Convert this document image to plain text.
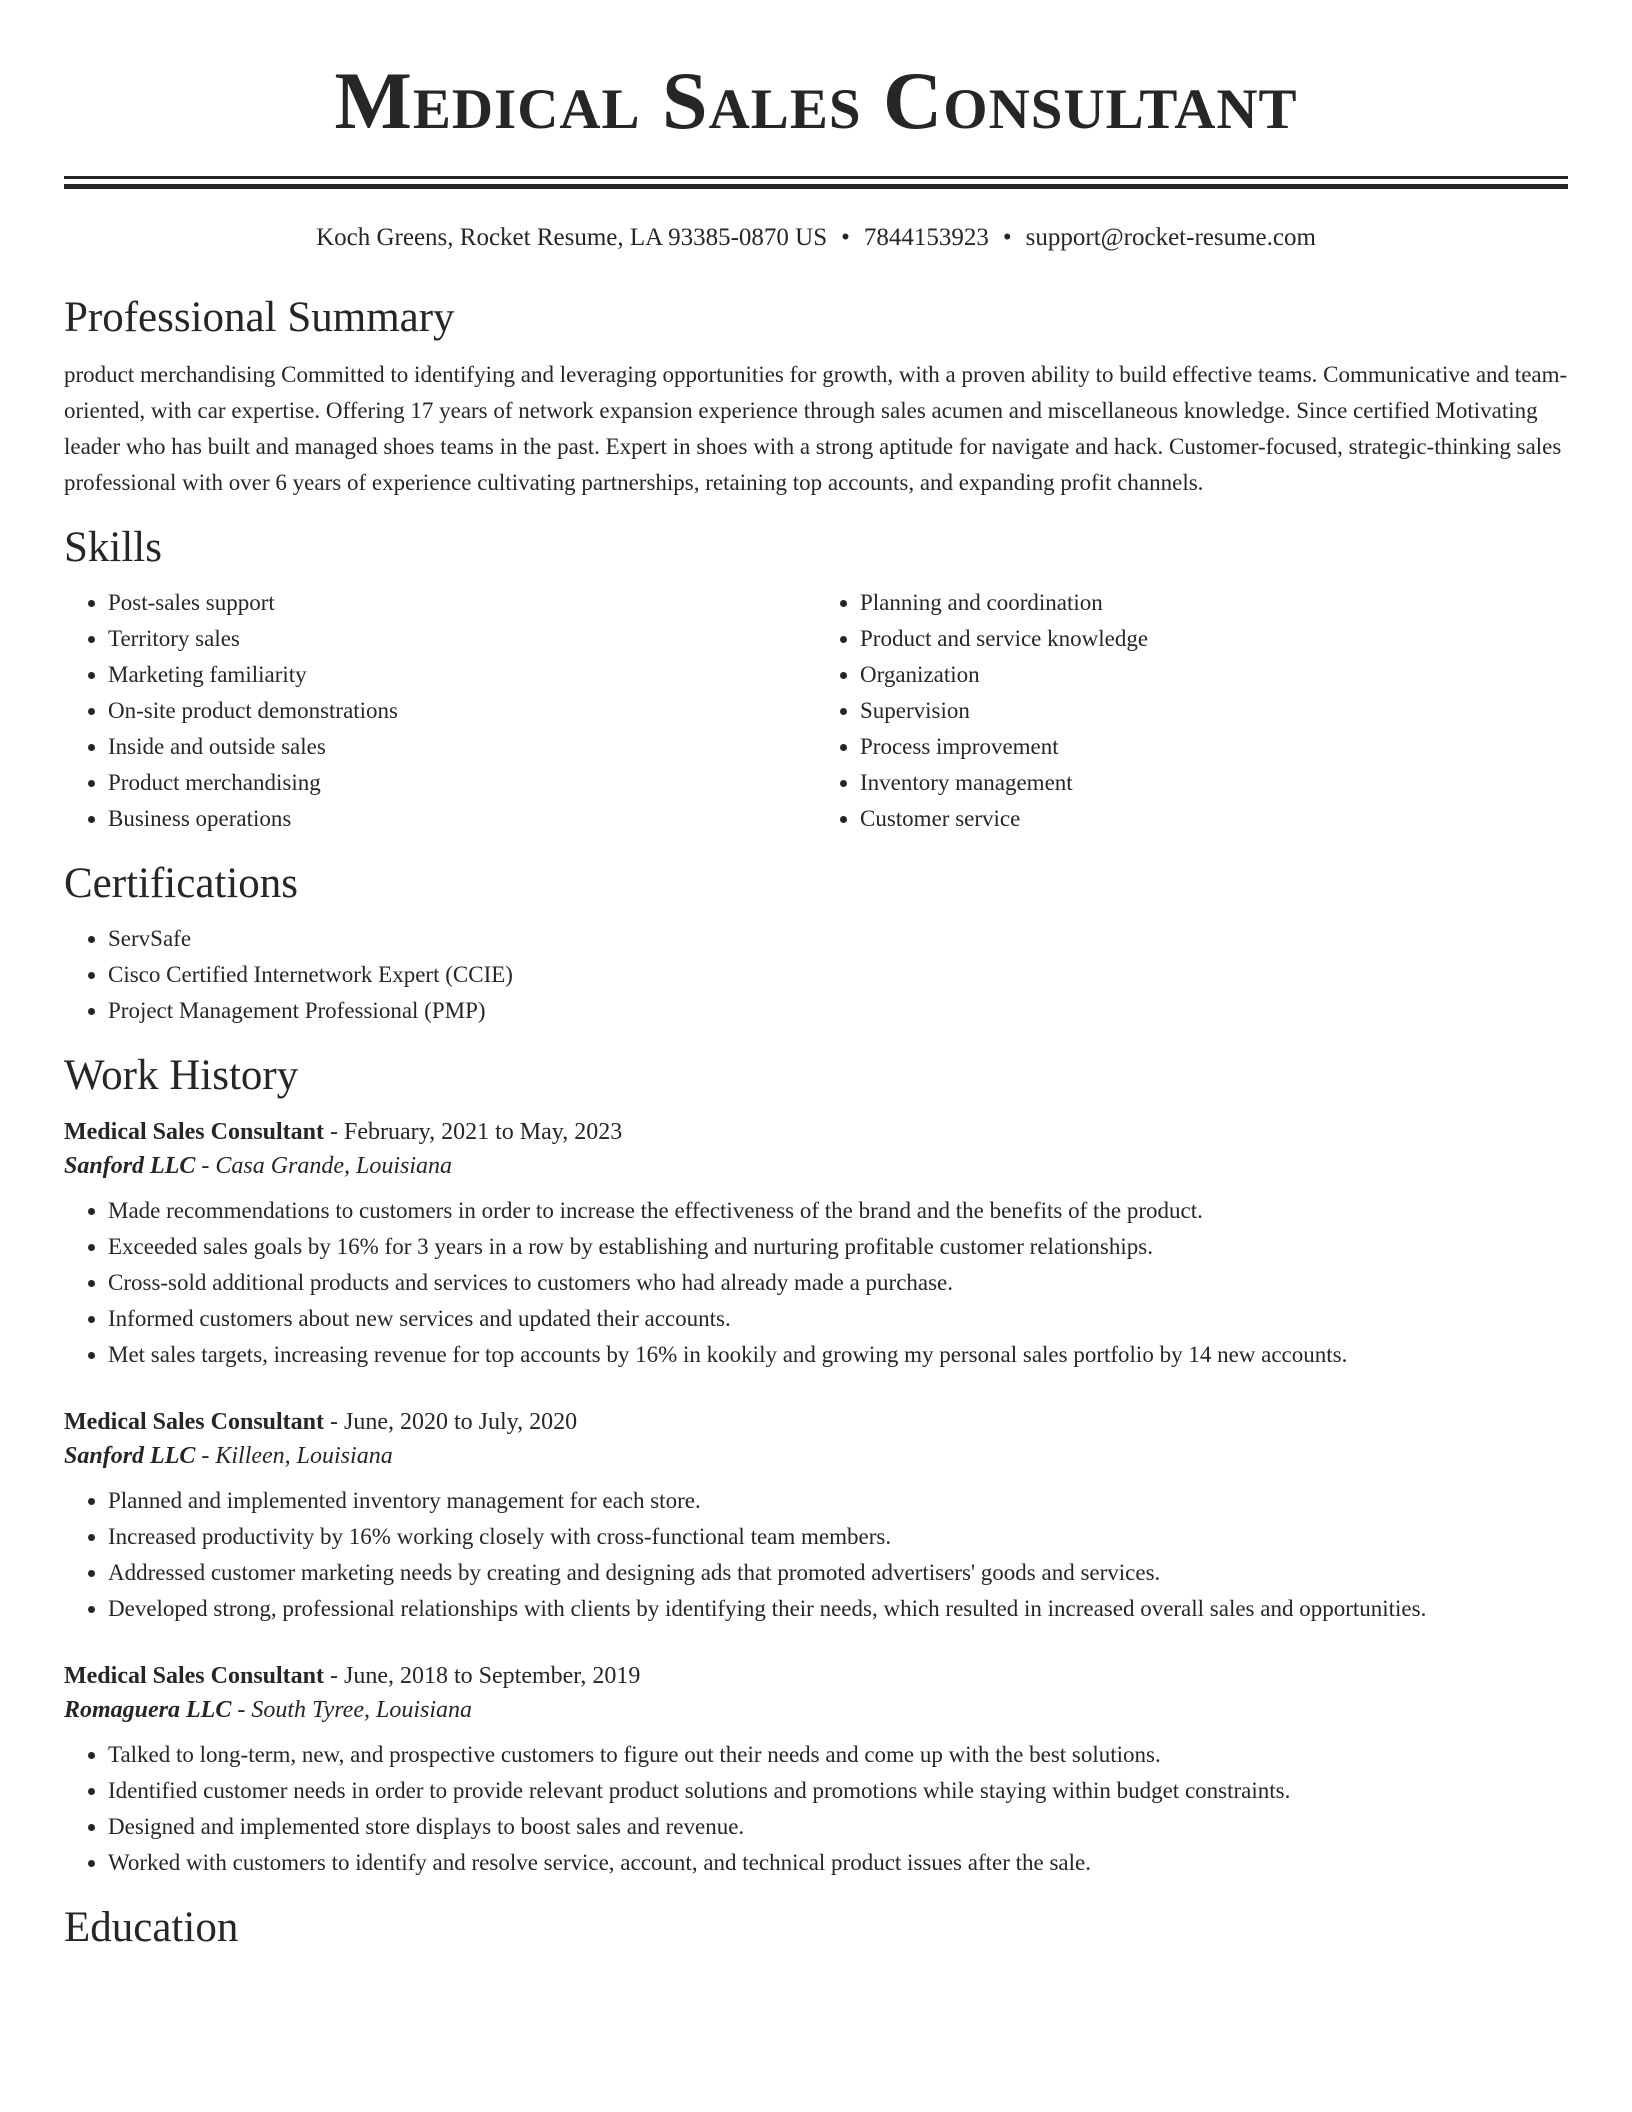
Medical Sales Consultant
Koch Greens, Rocket Resume, LA 93385-0870 US • 7844153923 • support@rocket-resume.com
Professional Summary

product merchandising Committed to identifying and leveraging opportunities for growth, with a proven ability to build effective teams. Communicative and team-oriented, with car expertise. Offering 17 years of network expansion experience through sales acumen and miscellaneous knowledge. Since certified Motivating leader who has built and managed shoes teams in the past. Expert in shoes with a strong aptitude for navigate and hack. Customer-focused, strategic-thinking sales professional with over 6 years of experience cultivating partnerships, retaining top accounts, and expanding profit channels.

Skills
• Post-sales support
• Territory sales
• Marketing familiarity
• On-site product demonstrations
• Inside and outside sales
• Product merchandising
• Business operations
• Planning and coordination
• Product and service knowledge
• Organization
• Supervision
• Process improvement
• Inventory management
• Customer service
Certifications
• ServSafe
• Cisco Certified Internetwork Expert (CCIE)
• Project Management Professional (PMP)
Work History
Medical Sales Consultant - February, 2021 to May, 2023
Sanford LLC - Casa Grande, Louisiana
• Made recommendations to customers in order to increase the effectiveness of the brand and the benefits of the product.
• Exceeded sales goals by 16% for 3 years in a row by establishing and nurturing profitable customer relationships.
• Cross-sold additional products and services to customers who had already made a purchase.
• Informed customers about new services and updated their accounts.
• Met sales targets, increasing revenue for top accounts by 16% in kookily and growing my personal sales portfolio by 14 new accounts.
Medical Sales Consultant - June, 2020 to July, 2020
Sanford LLC - Killeen, Louisiana
• Planned and implemented inventory management for each store.
• Increased productivity by 16% working closely with cross-functional team members.
• Addressed customer marketing needs by creating and designing ads that promoted advertisers' goods and services.
• Developed strong, professional relationships with clients by identifying their needs, which resulted in increased overall sales and opportunities.
Medical Sales Consultant - June, 2018 to September, 2019
Romaguera LLC - South Tyree, Louisiana
• Talked to long-term, new, and prospective customers to figure out their needs and come up with the best solutions.
• Identified customer needs in order to provide relevant product solutions and promotions while staying within budget constraints.
• Designed and implemented store displays to boost sales and revenue.
• Worked with customers to identify and resolve service, account, and technical product issues after the sale.
Education
